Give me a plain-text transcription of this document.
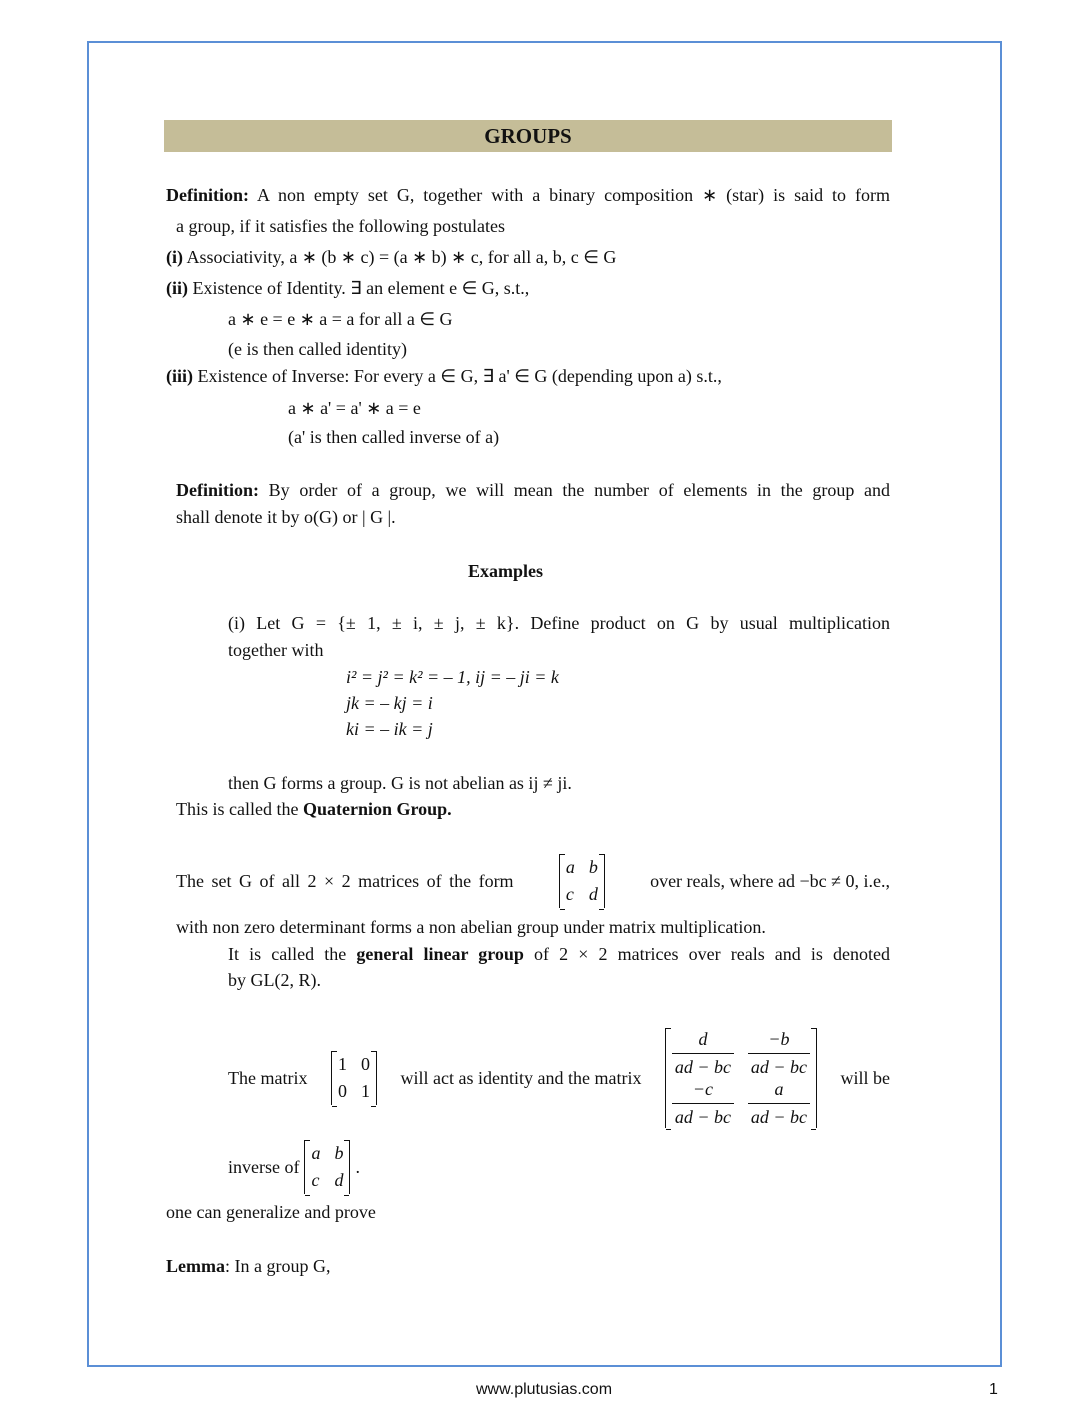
GROUPS
Definition: A non empty set G, together with a binary composition ∗ (star) is said to form
a group, if it satisfies the following postulates
(i) Associativity, a ∗ (b ∗ c) = (a ∗ b) ∗ c, for all a, b, c ∈ G
(ii) Existence of Identity. ∃ an element e ∈ G, s.t.,
a ∗ e = e ∗ a = a for all a ∈ G
(e is then called identity)
(iii) Existence of Inverse: For every a ∈ G, ∃ a' ∈ G (depending upon a) s.t.,
a ∗ a' = a' ∗ a = e
(a' is then called inverse of a)
Definition: By order of a group, we will mean the number of elements in the group and
shall denote it by o(G) or | G |.
Examples
(i) Let G = {± 1, ± i, ± j, ± k}. Define product on G by usual multiplication
together with
i² = j² = k² = – 1, ij = – ji = k
jk = – kj = i
ki = – ik = j
then G forms a group. G is not abelian as ij ≠ ji.
This is called the Quaternion Group.
The set G of all 2 × 2 matrices of the form
a b
c d
over reals, where ad −bc ≠ 0, i.e.,
with non zero determinant forms a non abelian group under matrix multiplication.
It is called the general linear group of 2 × 2 matrices over reals and is denoted
by GL(2, R).
The matrix
1 0
0 1
will act as identity and the matrix $\frac{d}{ad - bc} \frac{-b}{ad - bc}$
$\frac{-c}{ad - bc} \frac{a}{ad - bc}$
will be
inverse of
a b
c d
.
one can generalize and prove
Lemma: In a group G,
www.plutusias.com	1
